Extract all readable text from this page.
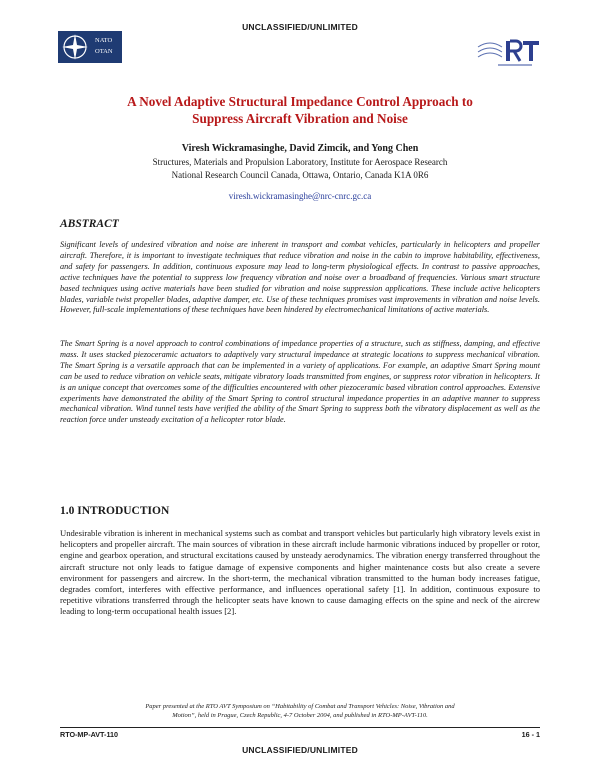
UNCLASSIFIED/UNLIMITED
NATO
OTAN
A Novel Adaptive Structural Impedance Control Approach to
Suppress Aircraft Vibration and Noise
Viresh Wickramasinghe, David Zimcik, and Yong Chen
Structures, Materials and Propulsion Laboratory, Institute for Aerospace Research
National Research Council Canada, Ottawa, Ontario, Canada K1A 0R6
viresh.wickramasinghe@nrc-cnrc.gc.ca
ABSTRACT
Significant levels of undesired vibration and noise are inherent in transport and combat vehicles, particularly in helicopters and propeller aircraft. Therefore, it is important to investigate techniques that reduce vibration and noise in the cabin to improve habitability, effectiveness, and safety for passengers. In addition, continuous exposure may lead to long-term physiological effects. In contrast to passive approaches, active techniques have the potential to suppress low frequency vibration and noise over a broadband of frequencies. Various smart structure based techniques using active materials have been studied for vibration and noise suppression applications. These include active helicopters blades, variable twist propeller blades, adaptive damper, etc. Use of these techniques promises vast improvements in vibration and noise levels. However, full-scale implementations of these techniques have been hindered by electromechanical limitations of active materials.
The Smart Spring is a novel approach to control combinations of impedance properties of a structure, such as stiffness, damping, and effective mass. It uses stacked piezoceramic actuators to adaptively vary structural impedance at strategic locations to suppress mechanical vibration. The Smart Spring is a versatile approach that can be implemented in a variety of applications. For example, an adaptive Smart Spring mount can be used to reduce vibration on vehicle seats, mitigate vibratory loads transmitted from engines, or suppress rotor vibration in helicopters. It is an unique concept that overcomes some of the difficulties encountered with other piezoceramic based vibration control approaches. Extensive experiments have demonstrated the ability of the Smart Spring to control structural impedance properties in an adaptive manner to suppress mechanical vibration. Wind tunnel tests have verified the ability of the Smart Spring to suppress both the vibratory displacement as well as the reaction force under unsteady excitation of a helicopter rotor blade.
1.0 INTRODUCTION
Undesirable vibration is inherent in mechanical systems such as combat and transport vehicles but particularly high vibratory levels exist in helicopters and propeller aircraft. The main sources of vibration in these aircraft include harmonic vibrations induced by propeller or rotor, engine and gearbox operation, and structural excitations caused by unsteady aerodynamics. The vibration energy transferred throughout the aircraft structure not only leads to fatigue damage of expensive components and higher maintenance costs but also create a severe environment for passengers and aircrew. In the short-term, the mechanical vibration transmitted to the human body increases fatigue, degrades comfort, interferes with effective performance, and influences operational safety [1]. In addition, continuous exposure to repetitive vibrations transferred through the helicopter seats have known to cause damaging effects on the spine and neck of the aircrew leading to long-term occupational health issues [2].
Paper presented at the RTO AVT Symposium on “Habitability of Combat and Transport Vehicles: Noise, Vibration and
Motion”, held in Prague, Czech Republic, 4-7 October 2004, and published in RTO-MP-AVT-110.
RTO-MP-AVT-110	16 - 1
UNCLASSIFIED/UNLIMITED
